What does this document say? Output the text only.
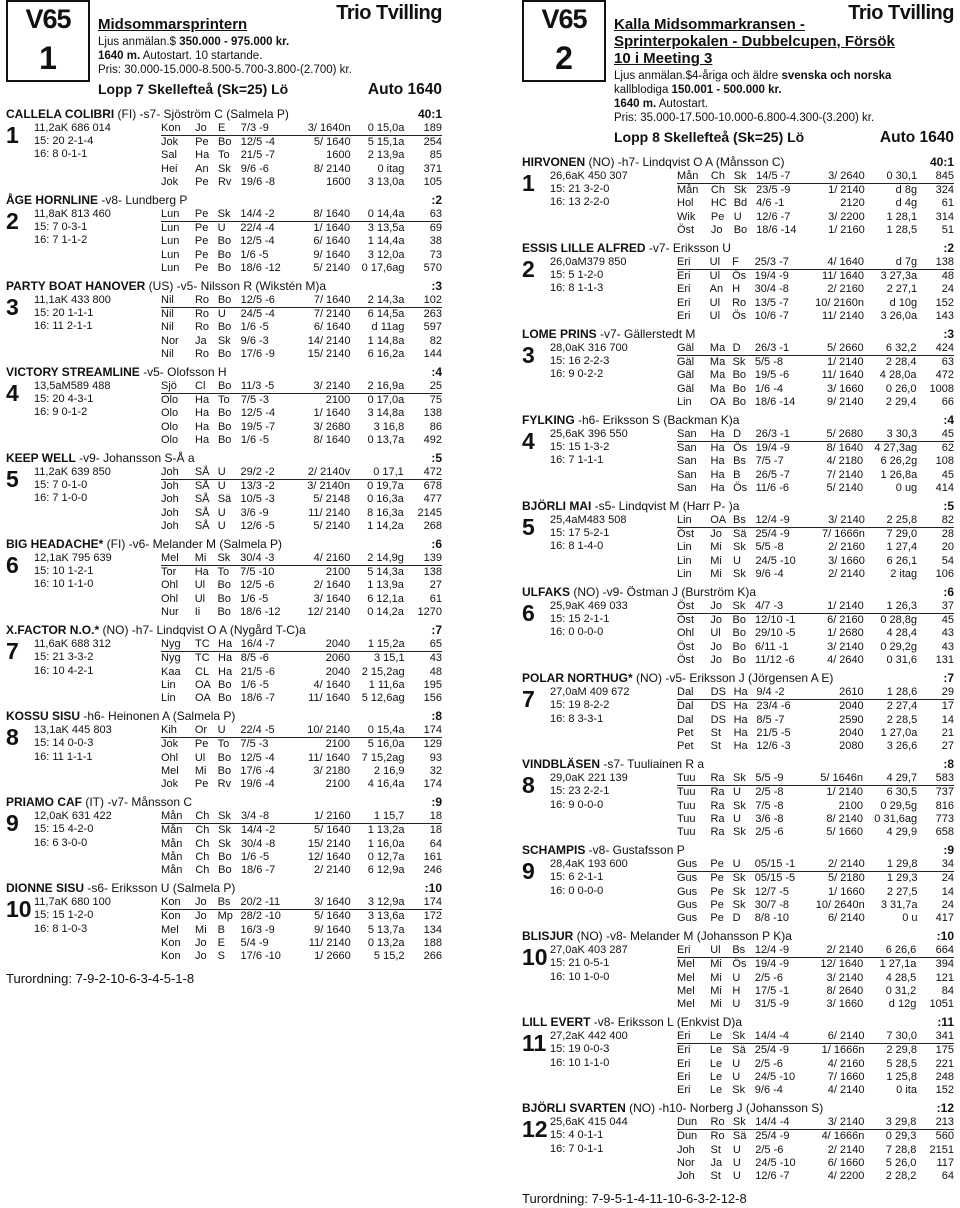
V65
1
Trio Tvilling
Midsommarsprintern
Ljus anmälan.$ 350.000 - 975.000 kr.
1640 m. Autostart. 10 startande.
Pris: 30.000-15.000-8.500-5.700-3.800-(2.700) kr.
Lopp 7 Skellefteå (Sk=25) Lö	Auto 1640
CALLELA COLIBRI (FI) -s7- Sjöström C (Salmela P)	40:1
1 11,2aK 686 014
15: 20 2-1-4
16: 8 0-1-1
Kon	Jo	E	7/3 -9	3/ 1640n	0 15,0a	189
Jok	Pe	Bo	12/5 -4	5/ 1640	5 15,1a	254
Sal	Ha	To	21/5 -7	1600	2 13,9a	85
Hei	An	Sk	9/6 -6	8/ 2140	0 itag	371
Jok	Pe	Rv	19/6 -8	1600	3 13,0a	105
ÅGE HORNLINE -v8- Lundberg P	:2
2 11,8aK 813 460
15: 7 0-3-1
16: 7 1-1-2
Lun	Pe	Sk	14/4 -2	8/ 1640	0 14,4a	63
Lun	Pe	U	22/4 -4	1/ 1640	3 13,5a	69
Lun	Pe	Bo	12/5 -4	6/ 1640	1 14,4a	38
Lun	Pe	Bo	1/6 -5	9/ 1640	3 12,0a	73
Lun	Pe	Bo	18/6 -12	5/ 2140	0 17,6ag	570
PARTY BOAT HANOVER (US) -v5- Nilsson R (Wikstén M)a	:3
3 11,1aK 433 800
15: 20 1-1-1
16: 11 2-1-1
Nil	Ro	Bo	12/5 -6	7/ 1640	2 14,3a	102
Nil	Ro	U	24/5 -4	7/ 2140	6 14,5a	263
Nil	Ro	Bo	1/6 -5	6/ 1640	d 11ag	597
Nor	Ja	Sk	9/6 -3	14/ 2140	1 14,8a	82
Nil	Ro	Bo	17/6 -9	15/ 2140	6 16,2a	144
VICTORY STREAMLINE -v5- Olofsson H	:4
4 13,5aM589 488
15: 20 4-3-1
16: 9 0-1-2
Sjö	Cl	Bo	11/3 -5	3/ 2140	2 16,9a	25
Olo	Ha	To	7/5 -3	2100	0 17,0a	75
Olo	Ha	Bo	12/5 -4	1/ 1640	3 14,8a	138
Olo	Ha	Bo	19/5 -7	3/ 2680	3 16,8	86
Olo	Ha	Bo	1/6 -5	8/ 1640	0 13,7a	492
KEEP WELL -v9- Johansson S-Å a	:5
5 11,2aK 639 850
15: 7 0-1-0
16: 7 1-0-0
Joh	SÅ	U	29/2 -2	2/ 2140v	0 17,1	472
Joh	SÅ	U	13/3 -2	3/ 2140n	0 19,7a	678
Joh	SÅ	Sä	10/5 -3	5/ 2148	0 16,3a	477
Joh	SÅ	U	3/6 -9	11/ 2140	8 16,3a	2145
Joh	SÅ	U	12/6 -5	5/ 2140	1 14,2a	268
BIG HEADACHE* (FI) -v6- Melander M (Salmela P)	:6
6 12,1aK 795 639
15: 10 1-2-1
16: 10 1-1-0
Mel	Mi	Sk	30/4 -3	4/ 2160	2 14,9g	139
Tor	Ha	To	7/5 -10	2100	5 14,3a	138
Ohl	Ul	Bo	12/5 -6	2/ 1640	1 13,9a	27
Ohl	Ul	Bo	1/6 -5	3/ 1640	6 12,1a	61
Nur	Ii	Bo	18/6 -12	12/ 2140	0 14,2a	1270
X.FACTOR N.O.* (NO) -h7- Lindqvist O A (Nygård T-C)a	:7
7 11,6aK 688 312
15: 21 3-3-2
16: 10 4-2-1
Nyg	TC	Ha	16/4 -7	2040	1 15,2a	65
Nyg	TC	Ha	8/5 -6	2060	3 15,1	43
Kaa	CL	Ha	21/5 -6	2040	2 15,2ag	48
Lin	OA	Bo	1/6 -5	4/ 1640	1 11,6a	195
Lin	OA	Bo	18/6 -7	11/ 1640	5 12,6ag	156
KOSSU SISU -h6- Heinonen A (Salmela P)	:8
8 13,1aK 445 803
15: 14 0-0-3
16: 11 1-1-1
Kih	Or	U	22/4 -5	10/ 2140	0 15,4a	174
Jok	Pe	To	7/5 -3	2100	5 16,0a	129
Ohl	Ul	Bo	12/5 -4	11/ 1640	7 15,2ag	93
Mel	Mi	Bo	17/6 -4	3/ 2180	2 16,9	32
Jok	Pe	Rv	19/6 -4	2100	4 16,4a	174
PRIAMO CAF (IT) -v7- Månsson C	:9
9 12,0aK 631 422
15: 15 4-2-0
16: 6 3-0-0
Mån	Ch	Sk	3/4 -8	1/ 2160	1 15,7	18
Mån	Ch	Sk	14/4 -2	5/ 1640	1 13,2a	18
Mån	Ch	Sk	30/4 -8	15/ 2140	1 16,0a	64
Mån	Ch	Bo	1/6 -5	12/ 1640	0 12,7a	161
Mån	Ch	Bo	18/6 -7	2/ 2140	6 12,9a	246
DIONNE SISU -s6- Eriksson U (Salmela P)	:10
10 11,7aK 680 100
15: 15 1-2-0
16: 8 1-0-3
Kon	Jo	Bs	20/2 -11	3/ 1640	3 12,9a	174
Kon	Jo	Mp	28/2 -10	5/ 1640	3 13,6a	172
Mel	Mi	B	16/3 -9	9/ 1640	5 13,7a	134
Kon	Jo	E	5/4 -9	11/ 2140	0 13,2a	188
Kon	Jo	S	17/6 -10	1/ 2660	5 15,2	266
Turordning: 7-9-2-10-6-3-4-5-1-8
V65
2
Trio Tvilling
Kalla Midsommarkransen -
Sprinterpokalen - Dubbelcupen, Försök
10 i Meeting 3
Ljus anmälan.$4-åriga och äldre svenska och norska
kallblodiga 150.001 - 500.000 kr.
1640 m. Autostart.
Pris: 35.000-17.500-10.000-6.800-4.300-(3.200) kr.
Lopp 8 Skellefteå (Sk=25) Lö	Auto 1640
HIRVONEN (NO) -h7- Lindqvist O A (Månsson C)	40:1
1 26,6aK 450 307
15: 21 3-2-0
16: 13 2-2-0
Mån	Ch	Sk	14/5 -7	3/ 2640	0 30,1	845
Mån	Ch	Sk	23/5 -9	1/ 2140	d 8g	324
Hol	HC	Bd	4/6 -1	2120	d 4g	61
Wik	Pe	U	12/6 -7	3/ 2200	1 28,1	314
Öst	Jo	Bo	18/6 -14	1/ 2160	1 28,5	51
ESSIS LILLE ALFRED -v7- Eriksson U	:2
2 26,0aM379 850
15: 5 1-2-0
16: 8 1-1-3
Eri	Ul	F	25/3 -7	4/ 1640	d 7g	138
Eri	Ul	Ös	19/4 -9	11/ 1640	3 27,3a	48
Eri	An	H	30/4 -8	2/ 2160	2 27,1	24
Eri	Ul	Ro	13/5 -7	10/ 2160n	d 10g	152
Eri	Ul	Ös	10/6 -7	11/ 2140	3 26,0a	143
LOME PRINS -v7- Gällerstedt M	:3
3 28,0aK 316 700
15: 16 2-2-3
16: 9 0-2-2
Gäl	Ma	D	26/3 -1	5/ 2660	6 32,2	424
Gäl	Ma	Sk	5/5 -8	1/ 2140	2 28,4	63
Gäl	Ma	Bo	19/5 -6	11/ 1640	4 28,0a	472
Gäl	Ma	Bo	1/6 -4	3/ 1660	0 26,0	1008
Lin	OA	Bo	18/6 -14	9/ 2140	2 29,4	66
FYLKING -h6- Eriksson S (Backman K)a	:4
4 25,6aK 396 550
15: 15 1-3-2
16: 7 1-1-1
San	Ha	D	26/3 -1	5/ 2680	3 30,3	45
San	Ha	Ös	19/4 -9	8/ 1640	4 27,3ag	62
San	Ha	Bs	7/5 -7	4/ 2180	6 26,2g	108
San	Ha	B	26/5 -7	7/ 2140	1 26,8a	45
San	Ha	Ös	11/6 -6	5/ 2140	0 ug	414
BJÖRLI MAI -s5- Lindqvist M (Harr P- )a	:5
5 25,4aM483 508
15: 17 5-2-1
16: 8 1-4-0
Lin	OA	Bs	12/4 -9	3/ 2140	2 25,8	82
Öst	Jo	Sä	25/4 -9	7/ 1666n	7 29,0	28
Lin	Mi	Sk	5/5 -8	2/ 2160	1 27,4	20
Lin	Mi	U	24/5 -10	3/ 1660	6 26,1	54
Lin	Mi	Sk	9/6 -4	2/ 2140	2 itag	106
ULFAKS (NO) -v9- Östman J (Burström K)a	:6
6 25,9aK 469 033
15: 15 2-1-1
16: 0 0-0-0
Öst	Jo	Sk	4/7 -3	1/ 2140	1 26,3	37
Öst	Jo	Bo	12/10 -1	6/ 2160	0 28,8g	45
Ohl	Ul	Bo	29/10 -5	1/ 2680	4 28,4	43
Öst	Jo	Bo	6/11 -1	3/ 2140	0 29,2g	43
Öst	Jo	Bo	11/12 -6	4/ 2640	0 31,6	131
POLAR NORTHUG* (NO) -v5- Eriksson J (Jörgensen A E)	:7
7 27,0aM 409 672
15: 19 8-2-2
16: 8 3-3-1
Dal	DS	Ha	9/4 -2	2610	1 28,6	29
Dal	DS	Ha	23/4 -6	2040	2 27,4	17
Dal	DS	Ha	8/5 -7	2590	2 28,5	14
Pet	St	Ha	21/5 -5	2040	1 27,0a	21
Pet	St	Ha	12/6 -3	2080	3 26,6	27
VINDBLÄSEN -s7- Tuuliainen R a	:8
8 29,0aK 221 139
15: 23 2-2-1
16: 9 0-0-0
Tuu	Ra	Sk	5/5 -9	5/ 1646n	4 29,7	583
Tuu	Ra	U	2/5 -8	1/ 2140	6 30,5	737
Tuu	Ra	Sk	7/5 -8	2100	0 29,5g	816
Tuu	Ra	U	3/6 -8	8/ 2140	0 31,6ag	773
Tuu	Ra	Sk	2/5 -6	5/ 1660	4 29,9	658
SCHAMPIS -v8- Gustafsson P	:9
9 28,4aK 193 600
15: 6 2-1-1
16: 0 0-0-0
Gus	Pe	U	05/15 -1	2/ 2140	1 29,8	34
Gus	Pe	Sk	05/15 -5	5/ 2180	1 29,3	24
Gus	Pe	Sk	12/7 -5	1/ 1660	2 27,5	14
Gus	Pe	Sk	30/7 -8	10/ 2640n	3 31,7a	24
Gus	Pe	D	8/8 -10	6/ 2140	0 u	417
BLISJUR (NO) -v8- Melander M (Johansson P K)a	:10
10 27,0aK 403 287
15: 21 0-5-1
16: 10 1-0-0
Eri	Ul	Bs	12/4 -9	2/ 2140	6 26,6	664
Mel	Mi	Ös	19/4 -9	12/ 1640	1 27,1a	394
Mel	Mi	U	2/5 -6	3/ 2140	4 28,5	121
Mel	Mi	H	17/5 -1	8/ 2640	0 31,2	84
Mel	Mi	U	31/5 -9	3/ 1660	d 12g	1051
LILL EVERT -v8- Eriksson L (Enkvist D)a	:11
11 27,2aK 442 400
15: 19 0-0-3
16: 10 1-1-0
Eri	Le	Sk	14/4 -4	6/ 2140	7 30,0	341
Eri	Le	Sä	25/4 -9	1/ 1666n	2 29,8	175
Eri	Le	U	2/5 -6	4/ 2160	5 28,5	221
Eri	Le	U	24/5 -10	7/ 1660	1 25,8	248
Eri	Le	Sk	9/6 -4	4/ 2140	0 ita	152
BJÖRLI SVARTEN (NO) -h10- Norberg J (Johansson S)	:12
12 25,6aK 415 044
15: 4 0-1-1
16: 7 0-1-1
Dun	Ro	Sk	14/4 -4	3/ 2140	3 29,8	213
Dun	Ro	Sä	25/4 -9	4/ 1666n	0 29,3	560
Joh	St	U	2/5 -6	2/ 2140	7 28,8	2151
Nor	Ja	U	24/5 -10	6/ 1660	5 26,0	117
Joh	St	U	12/6 -7	4/ 2200	2 28,2	64
Turordning: 7-9-5-1-4-11-10-6-3-2-12-8
